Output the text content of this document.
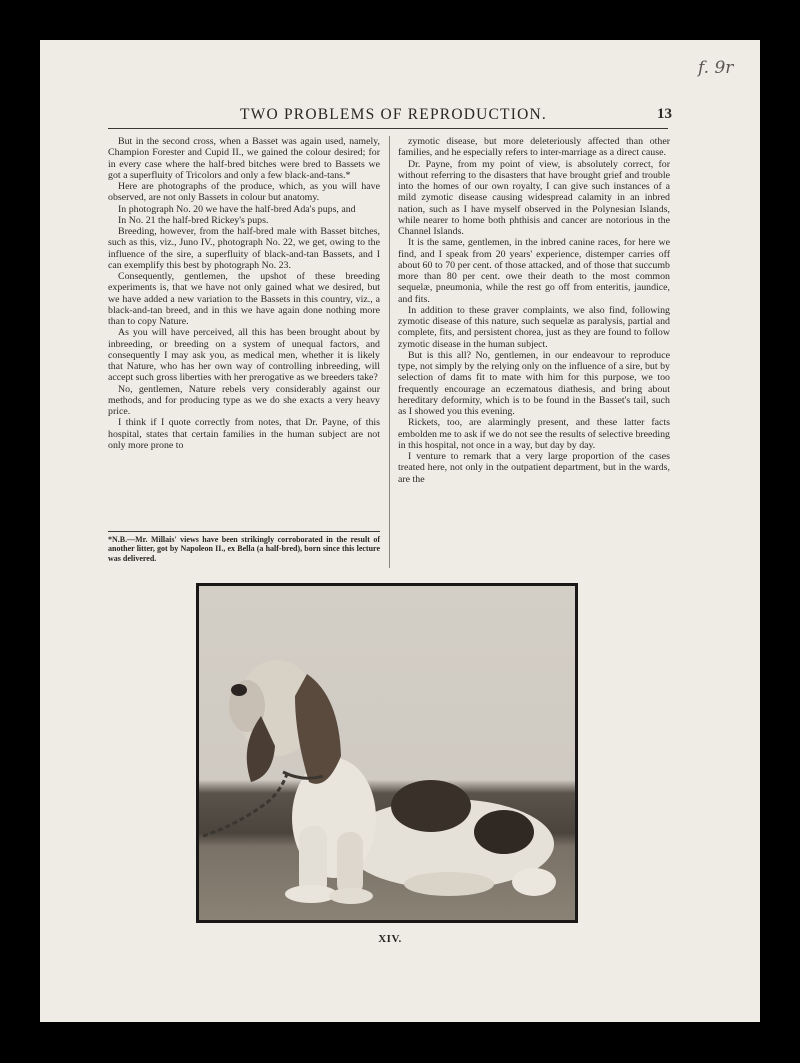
f. 9r
TWO PROBLEMS OF REPRODUCTION.	13

But in the second cross, when a Basset was again used, namely, Champion Forester and Cupid II., we gained the colour desired; for in every case where the half-bred bitches were bred to Bassets we got a superfluity of Tricolors and only a few black-and-tans.*

Here are photographs of the produce, which, as you will have observed, are not only Bassets in colour but anatomy.

In photograph No. 20 we have the half-bred Ada's pups, and

In No. 21 the half-bred Rickey's pups.

Breeding, however, from the half-bred male with Basset bitches, such as this, viz., Juno IV., photograph No. 22, we get, owing to the influence of the sire, a superfluity of black-and-tan Bassets, and I can exemplify this best by photograph No. 23.

Consequently, gentlemen, the upshot of these breeding experiments is, that we have not only gained what we desired, but we have added a new variation to the Bassets in this country, viz., a black-and-tan breed, and in this we have again done nothing more than to copy Nature.

As you will have perceived, all this has been brought about by inbreeding, or breeding on a system of unequal factors, and consequently I may ask you, as medical men, whether it is likely that Nature, who has her own way of controlling inbreeding, will accept such gross liberties with her prerogative as we breeders take?

No, gentlemen, Nature rebels very considerably against our methods, and for producing type as we do she exacts a very heavy price.

I think if I quote correctly from notes, that Dr. Payne, of this hospital, states that certain families in the human subject are not only more prone to

*N.B.—Mr. Millais' views have been strikingly corroborated in the result of another litter, got by Napoleon II., ex Bella (a half-bred), born since this lecture was delivered.

zymotic disease, but more deleteriously affected than other families, and he especially refers to inter-marriage as a direct cause.

Dr. Payne, from my point of view, is absolutely correct, for without referring to the disasters that have brought grief and trouble into the homes of our own royalty, I can give such instances of a mild zymotic disease causing widespread calamity in an inbred nation, such as I have myself observed in the Polynesian Islands, while nearer to home both phthisis and cancer are notorious in the Channel Islands.

It is the same, gentlemen, in the inbred canine races, for here we find, and I speak from 20 years' experience, distemper carries off about 60 to 70 per cent. of those attacked, and of those that succumb more than 80 per cent. owe their death to the most common sequelæ, pneumonia, while the rest go off from enteritis, jaundice, and fits.

In addition to these graver complaints, we also find, following zymotic disease of this nature, such sequelæ as paralysis, partial and complete, fits, and persistent chorea, just as they are found to follow zymotic disease in the human subject.

But is this all? No, gentlemen, in our endeavour to reproduce type, not simply by the relying only on the influence of a sire, but by selection of dams fit to mate with him for this purpose, we too frequently encourage an eczematous diathesis, and bring about hereditary deformity, which is to be found in the Basset's tail, such as I showed you this evening.

Rickets, too, are alarmingly present, and these latter facts embolden me to ask if we do not see the results of selective breeding in this hospital, not once in a way, but day by day.

I venture to remark that a very large proportion of the cases treated here, not only in the outpatient department, but in the wards, are the

XIV.
